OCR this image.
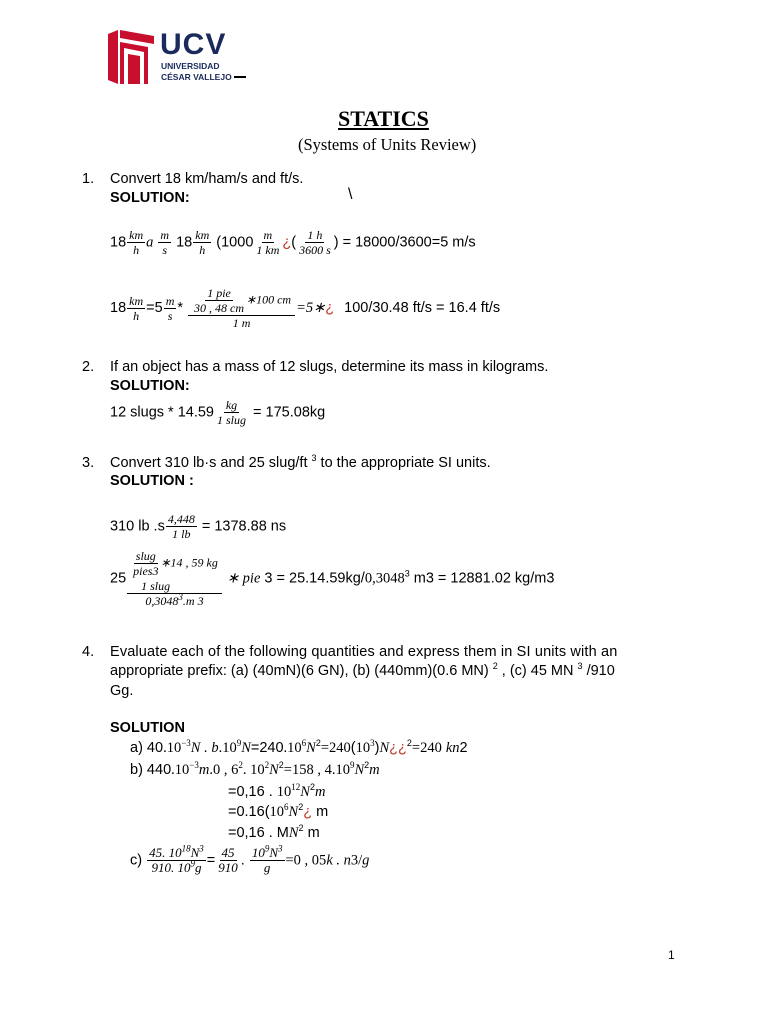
UCV
UNIVERSIDAD
CÉSAR VALLEJO
STATICS
(Systems of Units Review)
1. Convert 18 km/ham/s and ft/s.
SOLUTION:	\
$18 \frac{km}{h}$ a $\frac{m}{s} 18 \frac{km}{h} (1000 \frac{m}{1 km}$ ¿( $\frac{1 h}{3600 s}$ ) = 18000/3600=5 m/s
$18 \frac{km}{h} =5 \frac{m}{s} * \frac{\frac{\text{1 pie}}{30 , 48 cm} ∗100 cm}{1 m}$ =5∗¿ 100/30.48 ft/s = 16.4 ft/s
2. If an object has a mass of 12 slugs, determine its mass in kilograms.
SOLUTION:
12 slugs * $14.59 \frac{kg}{\text{1 slug}} = 175.08kg$
3. Convert 310 lb·s and 25 slug/ft $^3$ to the appropriate SI units.
SOLUTION :
310 lb $.s \frac{4,448}{1 lb} = 1378.88$ ns
25
$\frac{\text{slug}}{\text{pies3}}$ ∗14 , 59 kg

1 slug
0,3048$^3$.m 3
∗ pie $3 = 25.14.59kg/0,3048^3$ m3 = 12881.02 kg/m3
4. Evaluate each of the following quantities and express them in SI units with an
appropriate prefix: (a) (40mN)(6 GN), (b) (440mm)(0.6 MN) $^2$ , (c) 45 MN $^3$ /910
Gg.
SOLUTION
a) $40.10^{-3}N$ . $b.10^9N=240.10^6N^2=240(10^3)N¿¿^2=240$ kn2
b) $440.10^{-3}m.0$ , $6^2$. $10^2N^2=158$ , $4.10^9N^2m$
=0,16 . $10^{12}N^2m$
$=0.16(10^6N^2¿$ m
=0,16 . $MN^2$ m
$c) \frac{45. 10^{18}N^3}{910. 10^9g} = \frac{45}{910}$ . $\frac{10^9N^3}{g} =0$ , 05k . n3/g
1
